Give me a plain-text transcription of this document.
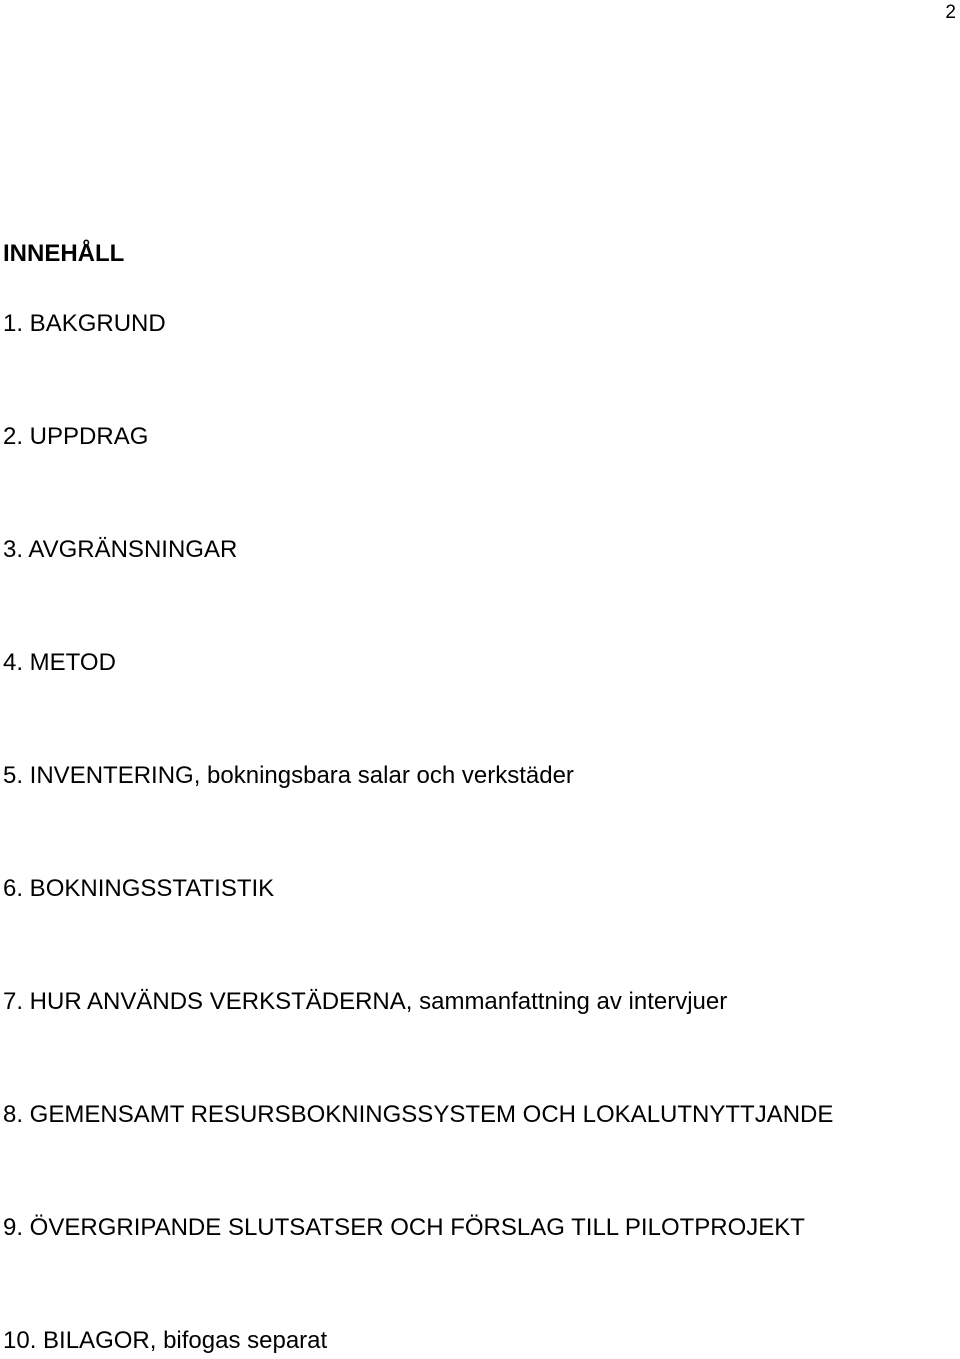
2
INNEHÅLL
1. BAKGRUND
2. UPPDRAG
3. AVGRÄNSNINGAR
4. METOD
5. INVENTERING, bokningsbara salar och verkstäder
6. BOKNINGSSTATISTIK
7. HUR ANVÄNDS VERKSTÄDERNA, sammanfattning av intervjuer
8. GEMENSAMT RESURSBOKNINGSSYSTEM OCH LOKALUTNYTTJANDE
9. ÖVERGRIPANDE SLUTSATSER OCH FÖRSLAG TILL PILOTPROJEKT
10. BILAGOR, bifogas separat
